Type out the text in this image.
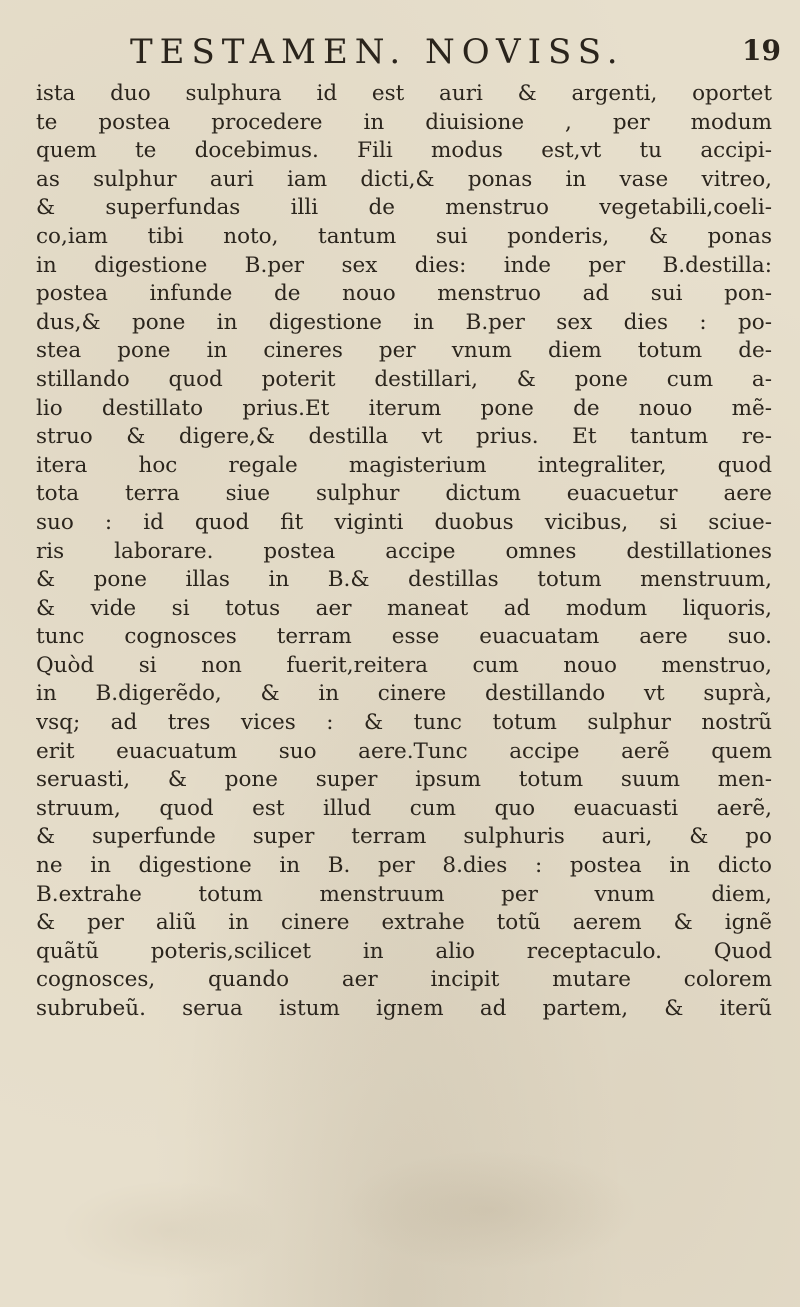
TESTAMEN. NOVISS.	19
ista duo sulphura id est auri & argenti, oportet
te postea procedere in diuisione , per modum
quem te docebimus. Fili modus est,vt tu accipi-
as sulphur auri iam dicti,& ponas in vase vitreo,
& superfundas illi de menstruo vegetabili,coeli-
co,iam tibi noto, tantum sui ponderis, & ponas
in digestione B.per sex dies: inde per B.destilla:
postea infunde de nouo menstruo ad sui pon-
dus,& pone in digestione in B.per sex dies : po-
stea pone in cineres per vnum diem totum de-
stillando quod poterit destillari, & pone cum a-
lio destillato prius.Et iterum pone de nouo mẽ-
struo & digere,& destilla vt prius. Et tantum re-
itera hoc regale magisterium integraliter, quod
tota terra siue sulphur dictum euacuetur aere
suo : id quod fit viginti duobus vicibus, si sciue-
ris laborare. postea accipe omnes destillationes
& pone illas in B.& destillas totum menstruum,
& vide si totus aer maneat ad modum liquoris,
tunc cognosces terram esse euacuatam aere suo.
Quòd si non fuerit,reitera cum nouo menstruo,
in B.digerẽdo, & in cinere destillando vt suprà,
vsq; ad tres vices : & tunc totum sulphur nostrũ
erit euacuatum suo aere.Tunc accipe aerẽ quem
seruasti, & pone super ipsum totum suum men-
struum, quod est illud cum quo euacuasti aerẽ,
& superfunde super terram sulphuris auri, & po
ne in digestione in B. per 8.dies : postea in dicto
B.extrahe totum menstruum per vnum diem,
& per aliũ in cinere extrahe totũ aerem & ignẽ
quãtũ poteris,scilicet in alio receptaculo. Quod
cognosces, quando aer incipit mutare colorem
subrubeũ. serua istum ignem ad partem, & iterũ
